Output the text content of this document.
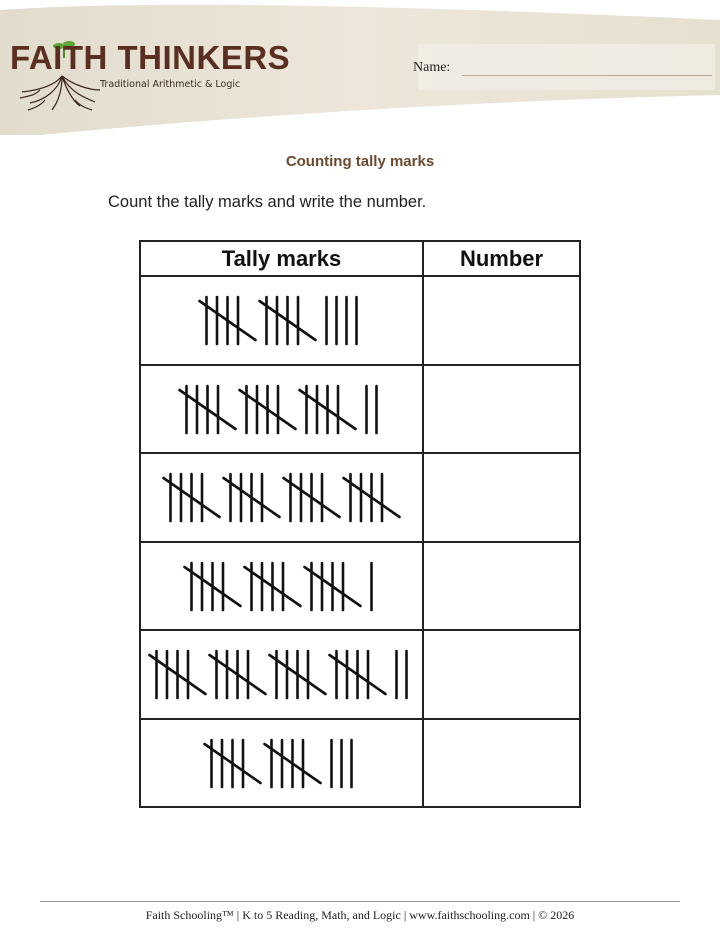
FAITH THINKERS
Traditional Arithmetic & Logic
Name:
Counting tally marks
Count the tally marks and write the number.
Tally marks	Number

Faith Schooling™ | K to 5 Reading, Math, and Logic | www.faithschooling.com | © 2026
